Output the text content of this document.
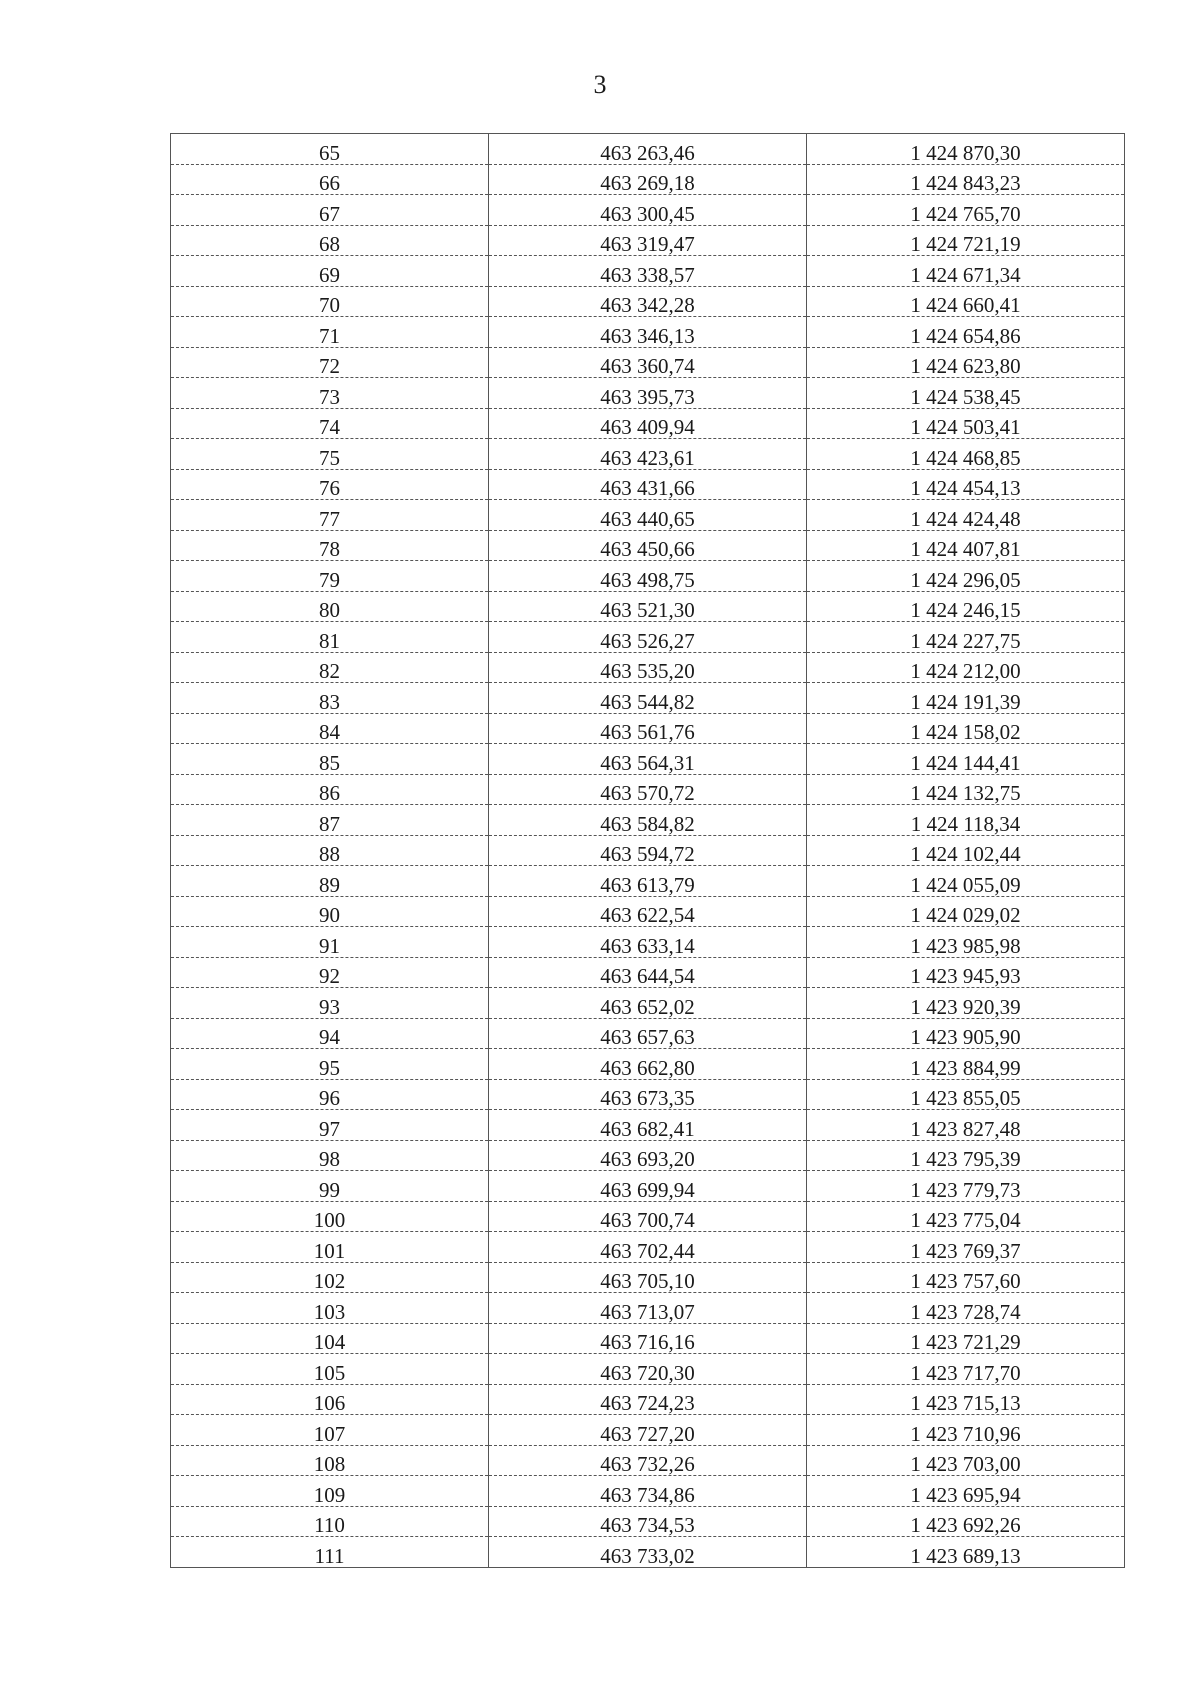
3
65	463 263,46	1 424 870,30
66	463 269,18	1 424 843,23
67	463 300,45	1 424 765,70
68	463 319,47	1 424 721,19
69	463 338,57	1 424 671,34
70	463 342,28	1 424 660,41
71	463 346,13	1 424 654,86
72	463 360,74	1 424 623,80
73	463 395,73	1 424 538,45
74	463 409,94	1 424 503,41
75	463 423,61	1 424 468,85
76	463 431,66	1 424 454,13
77	463 440,65	1 424 424,48
78	463 450,66	1 424 407,81
79	463 498,75	1 424 296,05
80	463 521,30	1 424 246,15
81	463 526,27	1 424 227,75
82	463 535,20	1 424 212,00
83	463 544,82	1 424 191,39
84	463 561,76	1 424 158,02
85	463 564,31	1 424 144,41
86	463 570,72	1 424 132,75
87	463 584,82	1 424 118,34
88	463 594,72	1 424 102,44
89	463 613,79	1 424 055,09
90	463 622,54	1 424 029,02
91	463 633,14	1 423 985,98
92	463 644,54	1 423 945,93
93	463 652,02	1 423 920,39
94	463 657,63	1 423 905,90
95	463 662,80	1 423 884,99
96	463 673,35	1 423 855,05
97	463 682,41	1 423 827,48
98	463 693,20	1 423 795,39
99	463 699,94	1 423 779,73
100	463 700,74	1 423 775,04
101	463 702,44	1 423 769,37
102	463 705,10	1 423 757,60
103	463 713,07	1 423 728,74
104	463 716,16	1 423 721,29
105	463 720,30	1 423 717,70
106	463 724,23	1 423 715,13
107	463 727,20	1 423 710,96
108	463 732,26	1 423 703,00
109	463 734,86	1 423 695,94
110	463 734,53	1 423 692,26
111	463 733,02	1 423 689,13
